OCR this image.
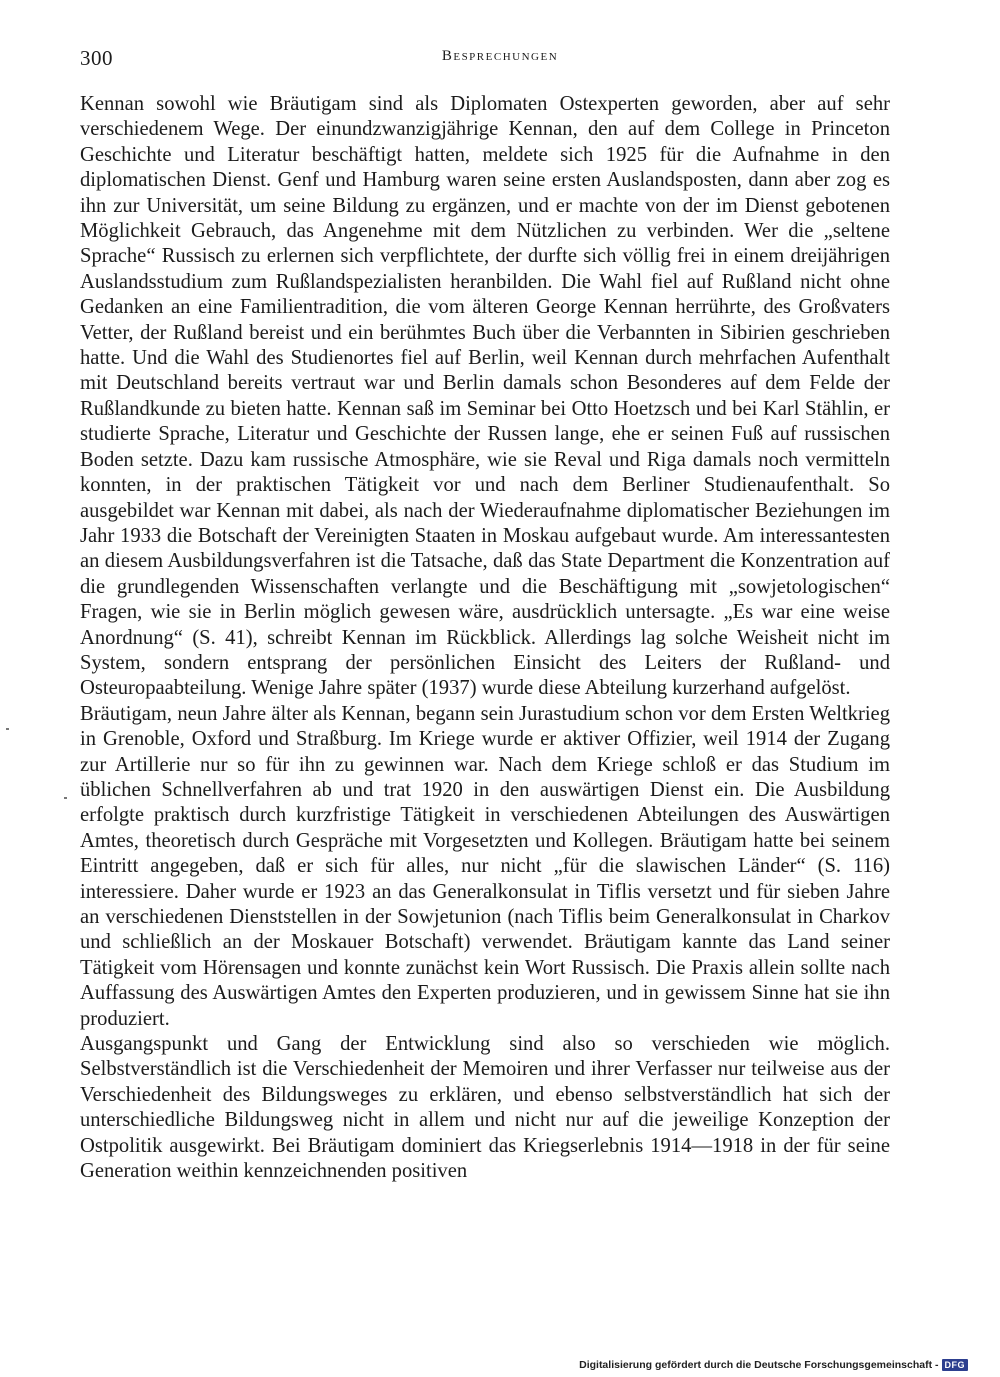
300	Besprechungen

Kennan sowohl wie Bräutigam sind als Diplomaten Ostexperten geworden, aber auf sehr verschiedenem Wege. Der einundzwanzigjährige Kennan, den auf dem College in Princeton Geschichte und Literatur beschäftigt hatten, meldete sich 1925 für die Aufnahme in den diplomatischen Dienst. Genf und Hamburg waren seine ersten Auslandsposten, dann aber zog es ihn zur Universität, um seine Bildung zu ergänzen, und er machte von der im Dienst gebotenen Möglichkeit Gebrauch, das Angenehme mit dem Nützlichen zu verbinden. Wer die „seltene Sprache“ Russisch zu erlernen sich verpflichtete, der durfte sich völlig frei in einem dreijährigen Auslandsstudium zum Rußlandspezialisten heranbilden. Die Wahl fiel auf Rußland nicht ohne Gedanken an eine Familientradition, die vom älteren George Kennan herrührte, des Großvaters Vetter, der Rußland bereist und ein berühmtes Buch über die Verbannten in Sibirien geschrieben hatte. Und die Wahl des Studienortes fiel auf Berlin, weil Kennan durch mehrfachen Aufenthalt mit Deutschland bereits vertraut war und Berlin damals schon Besonderes auf dem Felde der Rußlandkunde zu bieten hatte. Kennan saß im Seminar bei Otto Hoetzsch und bei Karl Stählin, er studierte Sprache, Literatur und Geschichte der Russen lange, ehe er seinen Fuß auf russischen Boden setzte. Dazu kam russische Atmosphäre, wie sie Reval und Riga damals noch vermitteln konnten, in der praktischen Tätigkeit vor und nach dem Berliner Studienaufenthalt. So ausgebildet war Kennan mit dabei, als nach der Wiederaufnahme diplomatischer Beziehungen im Jahr 1933 die Botschaft der Vereinigten Staaten in Moskau aufgebaut wurde. Am interessantesten an diesem Ausbildungsverfahren ist die Tatsache, daß das State Department die Konzentration auf die grundlegenden Wissenschaften verlangte und die Beschäftigung mit „sowjetologischen“ Fragen, wie sie in Berlin möglich gewesen wäre, ausdrücklich untersagte. „Es war eine weise Anordnung“ (S. 41), schreibt Kennan im Rückblick. Allerdings lag solche Weisheit nicht im System, sondern entsprang der persönlichen Einsicht des Leiters der Rußland- und Osteuropaabteilung. Wenige Jahre später (1937) wurde diese Abteilung kurzerhand aufgelöst.

Bräutigam, neun Jahre älter als Kennan, begann sein Jurastudium schon vor dem Ersten Weltkrieg in Grenoble, Oxford und Straßburg. Im Kriege wurde er aktiver Offizier, weil 1914 der Zugang zur Artillerie nur so für ihn zu gewinnen war. Nach dem Kriege schloß er das Studium im üblichen Schnellverfahren ab und trat 1920 in den auswärtigen Dienst ein. Die Ausbildung erfolgte praktisch durch kurzfristige Tätigkeit in verschiedenen Abteilungen des Auswärtigen Amtes, theoretisch durch Gespräche mit Vorgesetzten und Kollegen. Bräutigam hatte bei seinem Eintritt angegeben, daß er sich für alles, nur nicht „für die slawischen Länder“ (S. 116) interessiere. Daher wurde er 1923 an das Generalkonsulat in Tiflis versetzt und für sieben Jahre an verschiedenen Dienststellen in der Sowjetunion (nach Tiflis beim Generalkonsulat in Charkov und schließlich an der Moskauer Botschaft) verwendet. Bräutigam kannte das Land seiner Tätigkeit vom Hörensagen und konnte zunächst kein Wort Russisch. Die Praxis allein sollte nach Auffassung des Auswärtigen Amtes den Experten produzieren, und in gewissem Sinne hat sie ihn produziert.

Ausgangspunkt und Gang der Entwicklung sind also so verschieden wie möglich. Selbstverständlich ist die Verschiedenheit der Memoiren und ihrer Verfasser nur teilweise aus der Verschiedenheit des Bildungsweges zu erklären, und ebenso selbstverständlich hat sich der unterschiedliche Bildungsweg nicht in allem und nicht nur auf die jeweilige Konzeption der Ostpolitik ausgewirkt. Bei Bräutigam dominiert das Kriegserlebnis 1914—1918 in der für seine Generation weithin kennzeichnenden positiven

Digitalisierung gefördert durch die Deutsche Forschungsgemeinschaft - DFG
